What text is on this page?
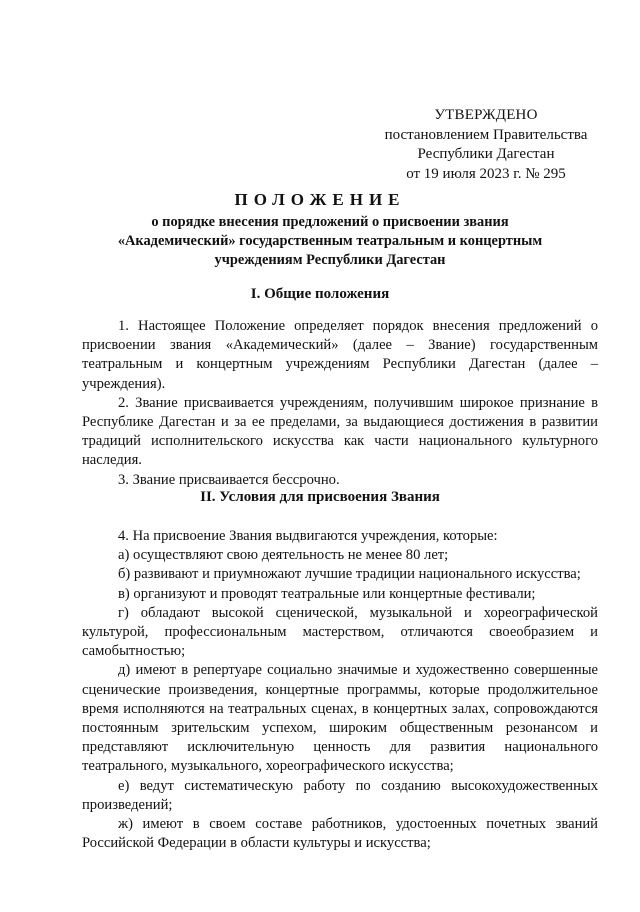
УТВЕРЖДЕНО
постановлением Правительства
Республики Дагестан
от 19 июля 2023 г. № 295
ПОЛОЖЕНИЕ
о порядке внесения предложений о присвоении звания «Академический» государственным театральным и концертным учреждениям Республики Дагестан
I. Общие положения

1. Настоящее Положение определяет порядок внесения предложений о присвоении звания «Академический» (далее – Звание) государственным театральным и концертным учреждениям Республики Дагестан (далее – учреждения).

2. Звание присваивается учреждениям, получившим широкое признание в Республике Дагестан и за ее пределами, за выдающиеся достижения в развитии традиций исполнительского искусства как части национального культурного наследия.

3. Звание присваивается бессрочно.

II. Условия для присвоения Звания

4. На присвоение Звания выдвигаются учреждения, которые:

а) осуществляют свою деятельность не менее 80 лет;

б) развивают и приумножают лучшие традиции национального искусства;

в) организуют и проводят театральные или концертные фестивали;

г) обладают высокой сценической, музыкальной и хореографической культурой, профессиональным мастерством, отличаются своеобразием и самобытностью;

д) имеют в репертуаре социально значимые и художественно совершенные сценические произведения, концертные программы, которые продолжительное время исполняются на театральных сценах, в концертных залах, сопровождаются постоянным зрительским успехом, широким общественным резонансом и представляют исключительную ценность для развития национального театрального, музыкального, хореографического искусства;

е) ведут систематическую работу по созданию высокохудожественных произведений;

ж) имеют в своем составе работников, удостоенных почетных званий Российской Федерации в области культуры и искусства;
